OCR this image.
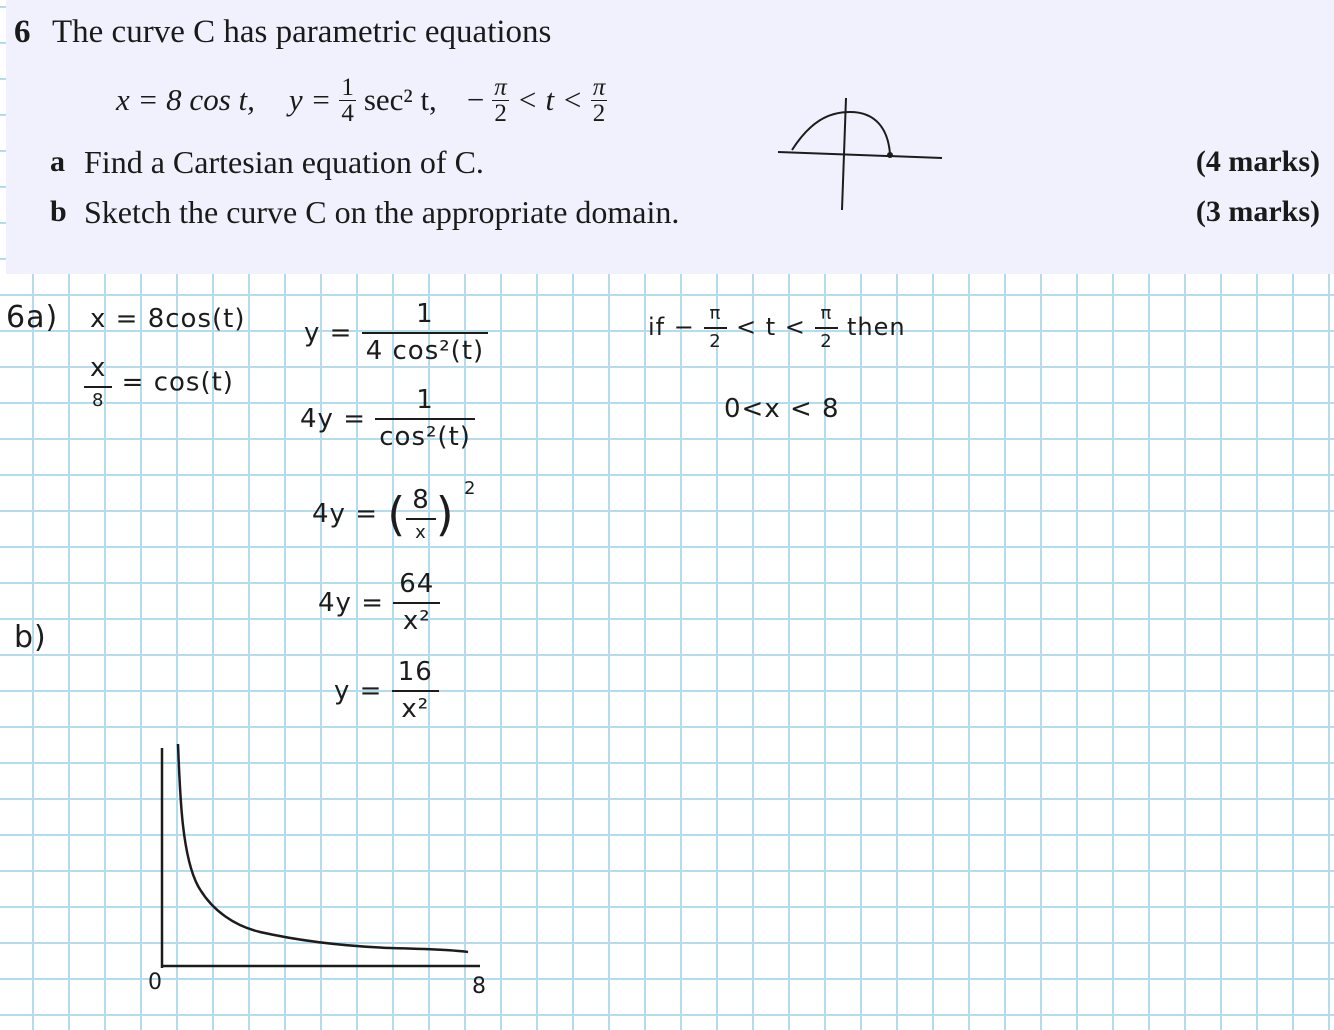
6 The curve C has parametric equations
x = 8 cos t, $y = \frac{1}{4} \sec^2$ t, − $\frac{\pi}{2} < t < \frac{\pi}{2}$
a Find a Cartesian equation of C.	(4 marks)
b Sketch the curve C on the appropriate domain.	(3 marks)
6a) x = 8cos(t)
$\frac{x}{8} = \cos(t)$
$y = \frac{1}{\text{4 cos²(t)}}$
$4y = \frac{1}{\text{cos²(t)}}$
4y = ( $\frac{8}{x}$ ) $^2$
$4y = \frac{64}{\text{x²}}$
$y = \frac{16}{\text{x²}}$
if − $\frac{\pi}{2} < t < \frac{\pi}{2}$ then
0<x < 8
b)
0	8
